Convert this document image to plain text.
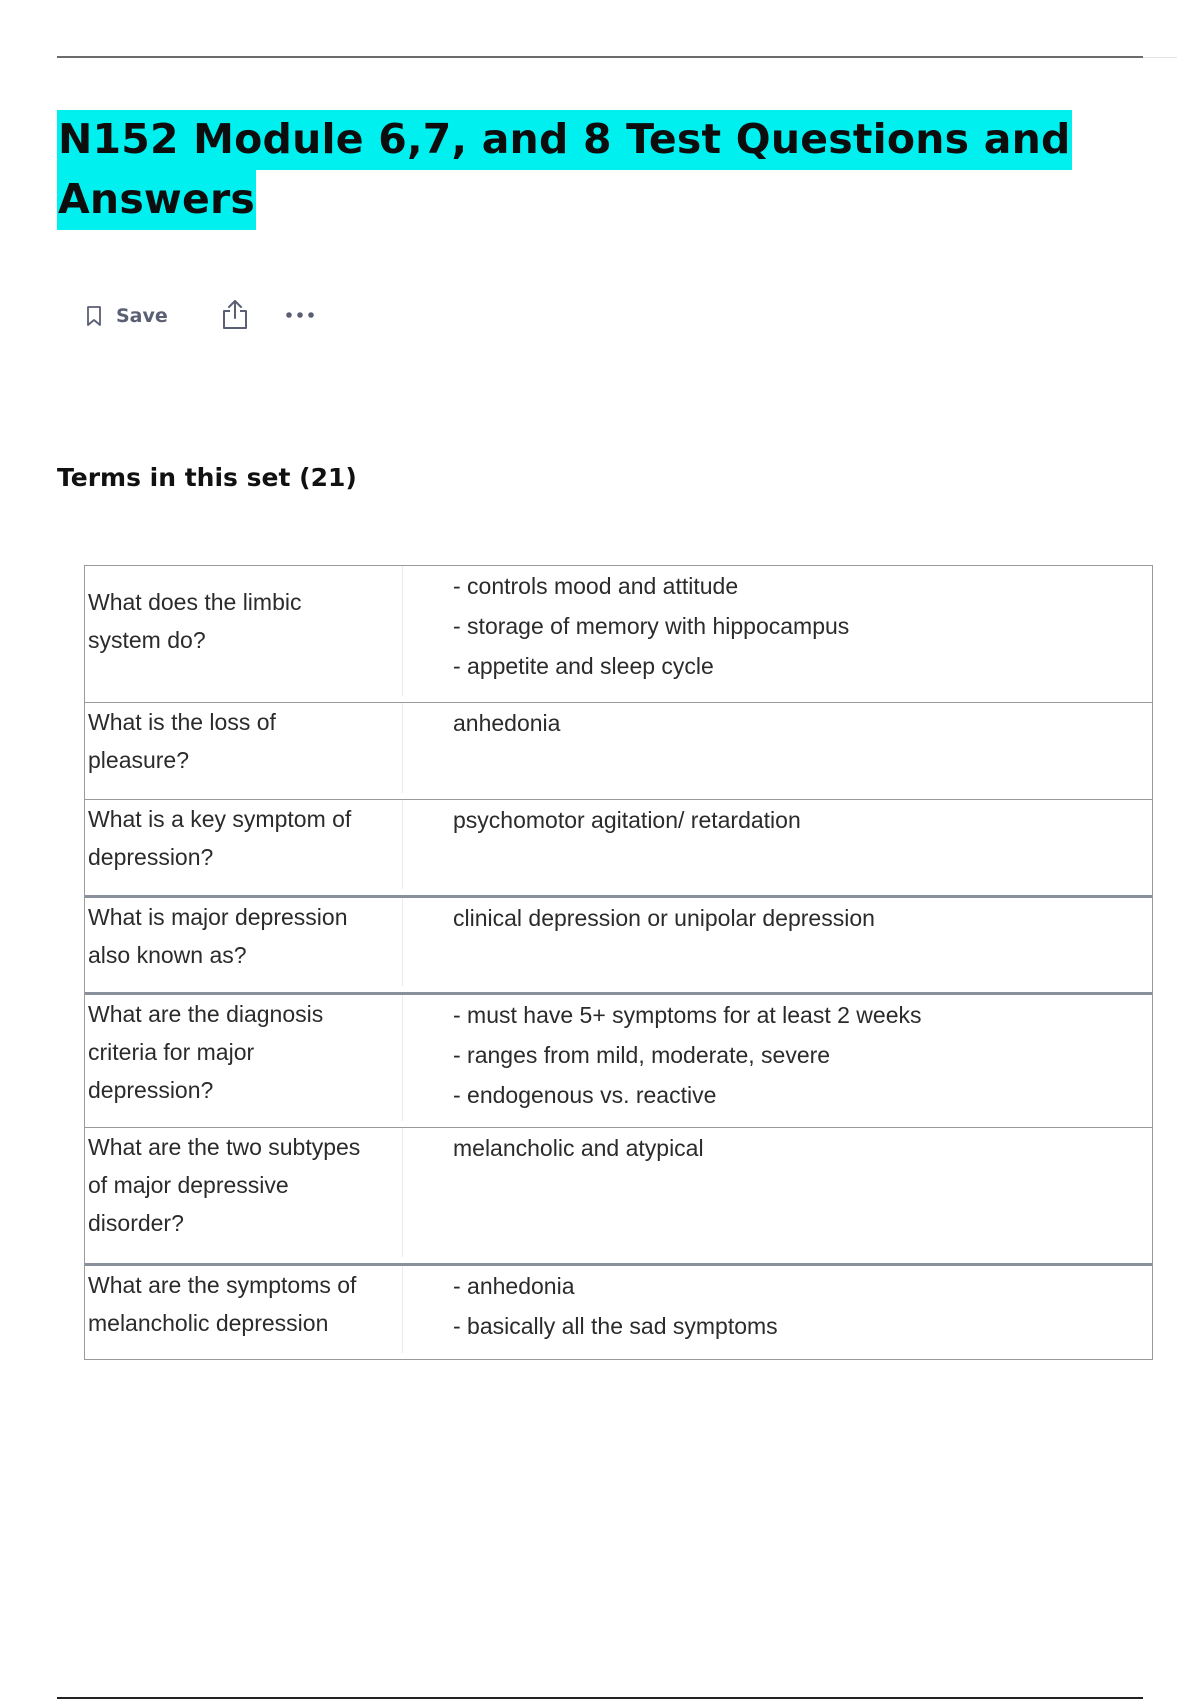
N152 Module 6,7, and 8 Test Questions and
Answers
Save
Terms in this set (21)
What does the limbic
system do?
- controls mood and attitude
- storage of memory with hippocampus
- appetite and sleep cycle
What is the loss of
pleasure?
anhedonia
What is a key symptom of
depression?
psychomotor agitation/ retardation
What is major depression
also known as?
clinical depression or unipolar depression
What are the diagnosis
criteria for major
depression?
- must have 5+ symptoms for at least 2 weeks
- ranges from mild, moderate, severe
- endogenous vs. reactive
What are the two subtypes
of major depressive
disorder?
melancholic and atypical
What are the symptoms of
melancholic depression
- anhedonia
- basically all the sad symptoms
